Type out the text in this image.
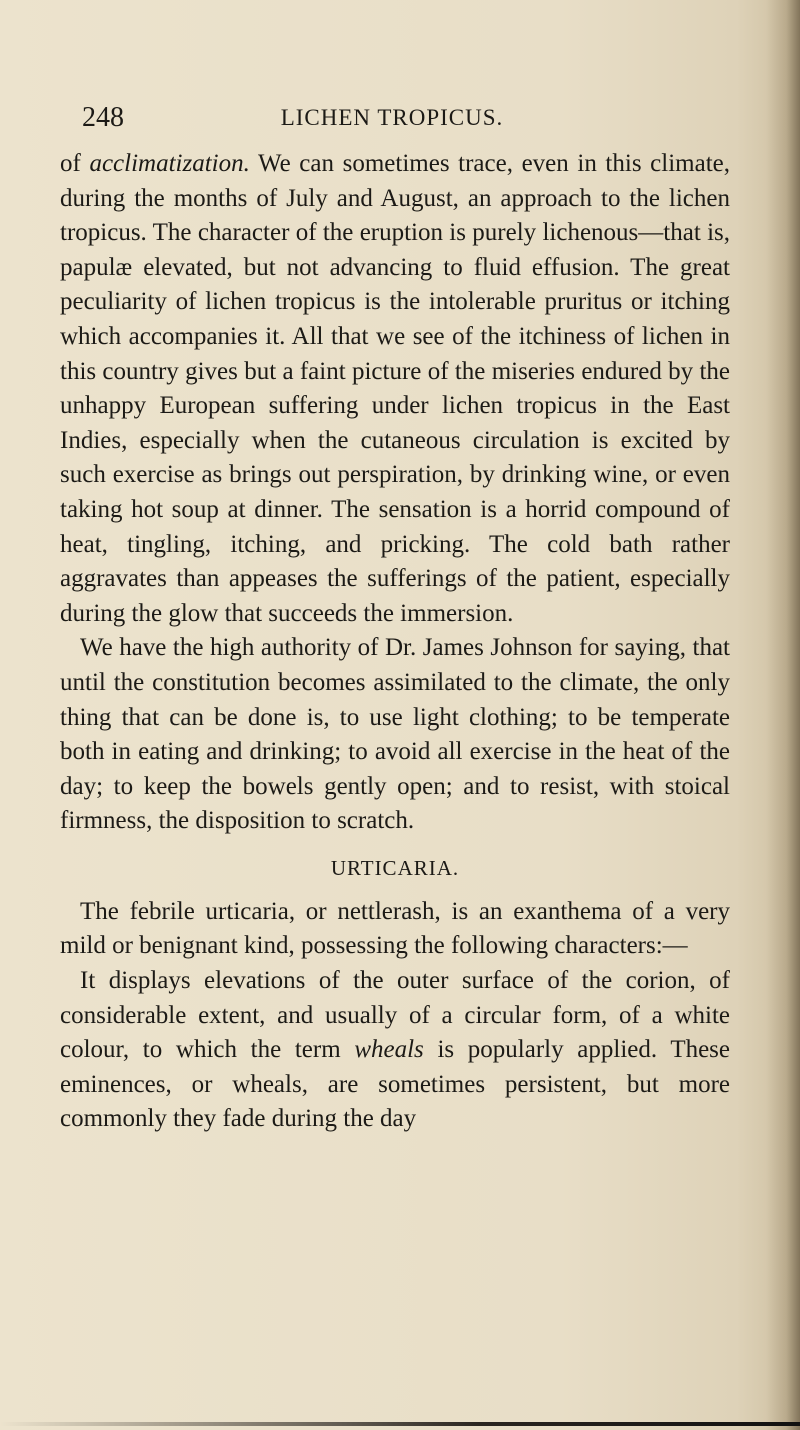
248	LICHEN TROPICUS.

of acclimatization. We can sometimes trace, even in this climate, during the months of July and August, an approach to the lichen tropicus. The character of the eruption is purely lichenous—that is, papulæ elevated, but not advancing to fluid effusion. The great peculiarity of lichen tropicus is the intolerable pruritus or itching which accompanies it. All that we see of the itchiness of lichen in this country gives but a faint picture of the miseries endured by the unhappy European suffering under lichen tropicus in the East Indies, especially when the cutaneous circulation is excited by such exercise as brings out perspiration, by drinking wine, or even taking hot soup at dinner. The sensation is a horrid compound of heat, tingling, itching, and pricking. The cold bath rather aggravates than appeases the sufferings of the patient, especially during the glow that succeeds the immersion.

We have the high authority of Dr. James Johnson for saying, that until the constitution becomes assimilated to the climate, the only thing that can be done is, to use light clothing; to be temperate both in eating and drinking; to avoid all exercise in the heat of the day; to keep the bowels gently open; and to resist, with stoical firmness, the disposition to scratch.

URTICARIA.

The febrile urticaria, or nettlerash, is an exanthema of a very mild or benignant kind, possessing the following characters:—

It displays elevations of the outer surface of the corion, of considerable extent, and usually of a circular form, of a white colour, to which the term wheals is popularly applied. These eminences, or wheals, are sometimes persistent, but more commonly they fade during the day
